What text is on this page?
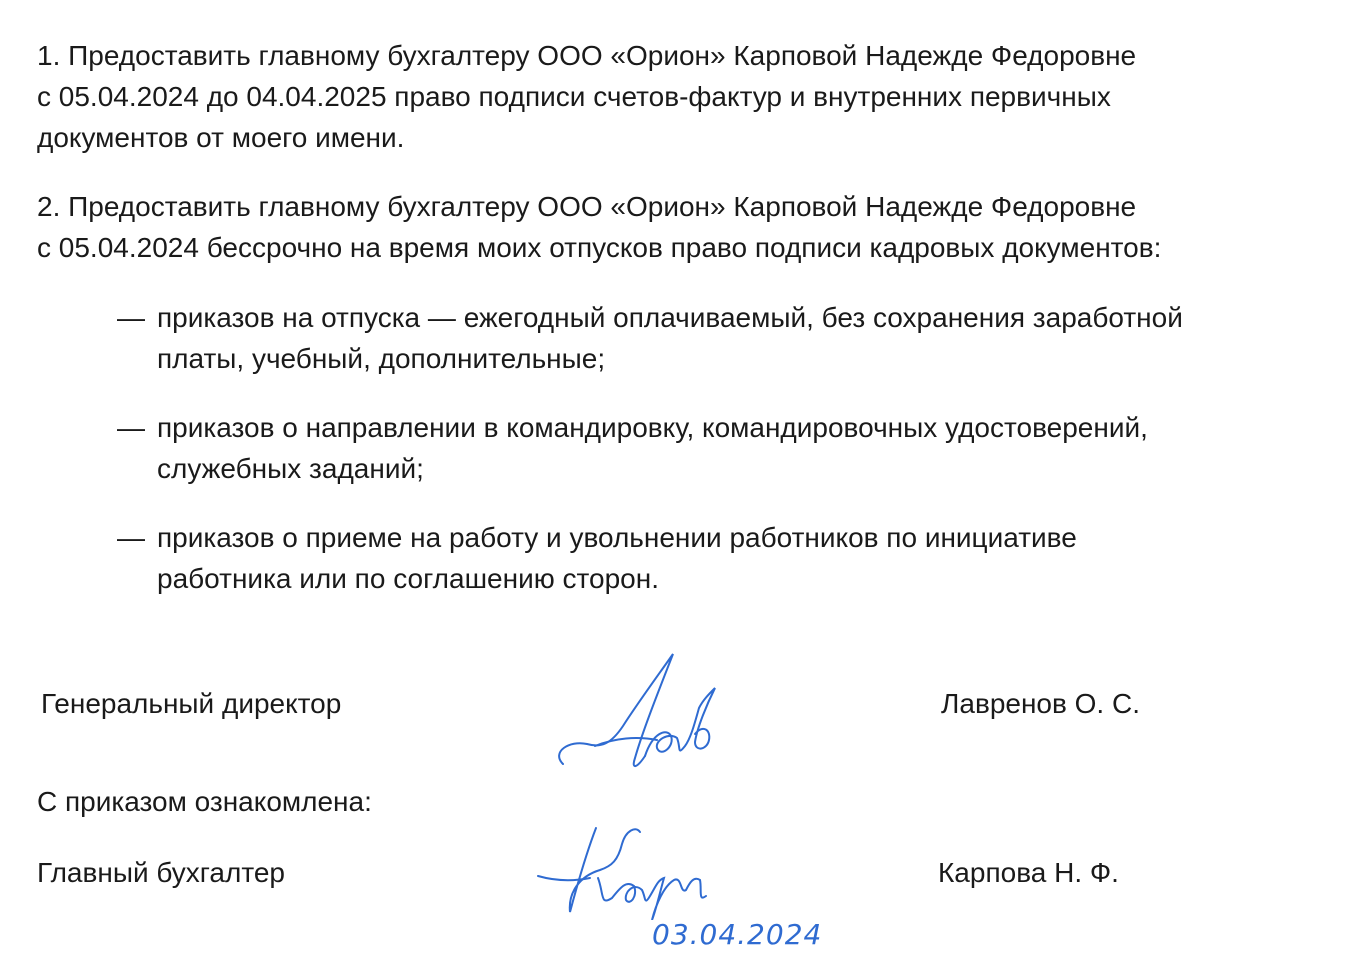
1. Предоставить главному бухгалтеру ООО «Орион» Карповой Надежде Федоровне
с 05.04.2024 до 04.04.2025 право подписи счетов-фактур и внутренних первичных
документов от моего имени.
2. Предоставить главному бухгалтеру ООО «Орион» Карповой Надежде Федоровне
с 05.04.2024 бессрочно на время моих отпусков право подписи кадровых документов:
— приказов на отпуска — ежегодный оплачиваемый, без сохранения заработной
платы, учебный, дополнительные;
— приказов о направлении в командировку, командировочных удостоверений,
служебных заданий;
— приказов о приеме на работу и увольнении работников по инициативе
работника или по соглашению сторон.
Генеральный директор	Лавренов О. С.
С приказом ознакомлена:
Главный бухгалтер	Карпова Н. Ф.
03.04.2024
